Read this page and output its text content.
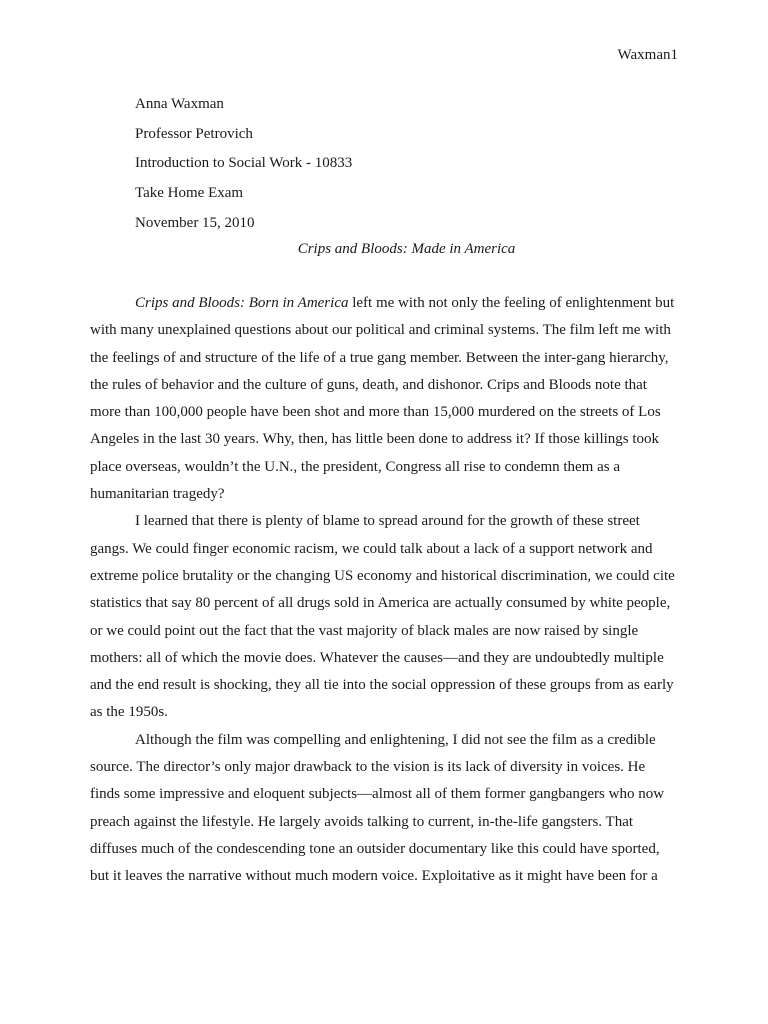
Waxman1
Anna Waxman
Professor Petrovich
Introduction to Social Work - 10833
Take Home Exam
November 15, 2010
Crips and Bloods: Made in America
Crips and Bloods: Born in America left me with not only the feeling of enlightenment but
with many unexplained questions about our political and criminal systems. The film left me with
the feelings of and structure of the life of a true gang member. Between the inter-gang hierarchy,
the rules of behavior and the culture of guns, death, and dishonor. Crips and Bloods note that
more than 100,000 people have been shot and more than 15,000 murdered on the streets of Los
Angeles in the last 30 years. Why, then, has little been done to address it? If those killings took
place overseas, wouldn’t the U.N., the president, Congress all rise to condemn them as a
humanitarian tragedy?
I learned that there is plenty of blame to spread around for the growth of these street
gangs. We could finger economic racism, we could talk about a lack of a support network and
extreme police brutality or the changing US economy and historical discrimination, we could cite
statistics that say 80 percent of all drugs sold in America are actually consumed by white people,
or we could point out the fact that the vast majority of black males are now raised by single
mothers: all of which the movie does. Whatever the causes—and they are undoubtedly multiple
and the end result is shocking, they all tie into the social oppression of these groups from as early
as the 1950s.
Although the film was compelling and enlightening, I did not see the film as a credible
source. The director’s only major drawback to the vision is its lack of diversity in voices. He
finds some impressive and eloquent subjects—almost all of them former gangbangers who now
preach against the lifestyle. He largely avoids talking to current, in-the-life gangsters. That
diffuses much of the condescending tone an outsider documentary like this could have sported,
but it leaves the narrative without much modern voice. Exploitative as it might have been for a
